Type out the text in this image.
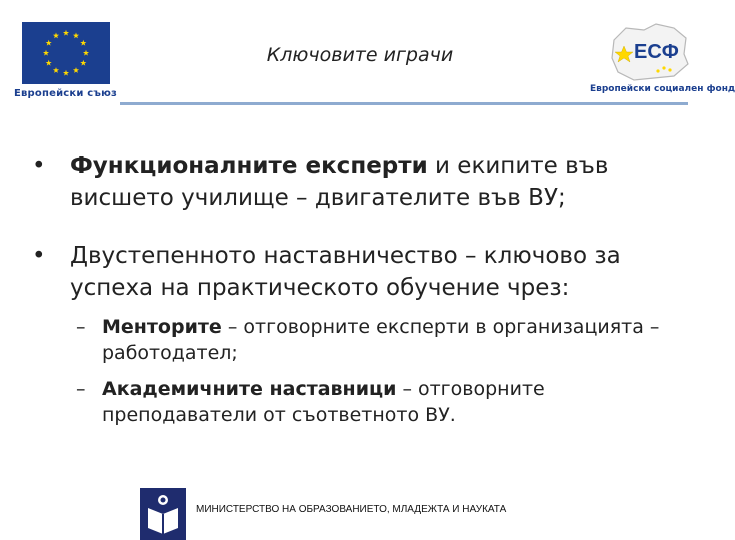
Европейски съюз
Ключовите играчи	ЕСФ
Европейски социален фонд
• Функционалните експерти и екипите във висшето училище – двигателите във ВУ;
• Двустепенното наставничество – ключово за успеха на практическото обучение чрез:
– Менторите – отговорните експерти в организацията – работодател;
– Академичните наставници – отговорните преподаватели от съответното ВУ.
МИНИСТЕРСТВО НА ОБРАЗОВАНИЕТО, МЛАДЕЖТА И НАУКАТА
